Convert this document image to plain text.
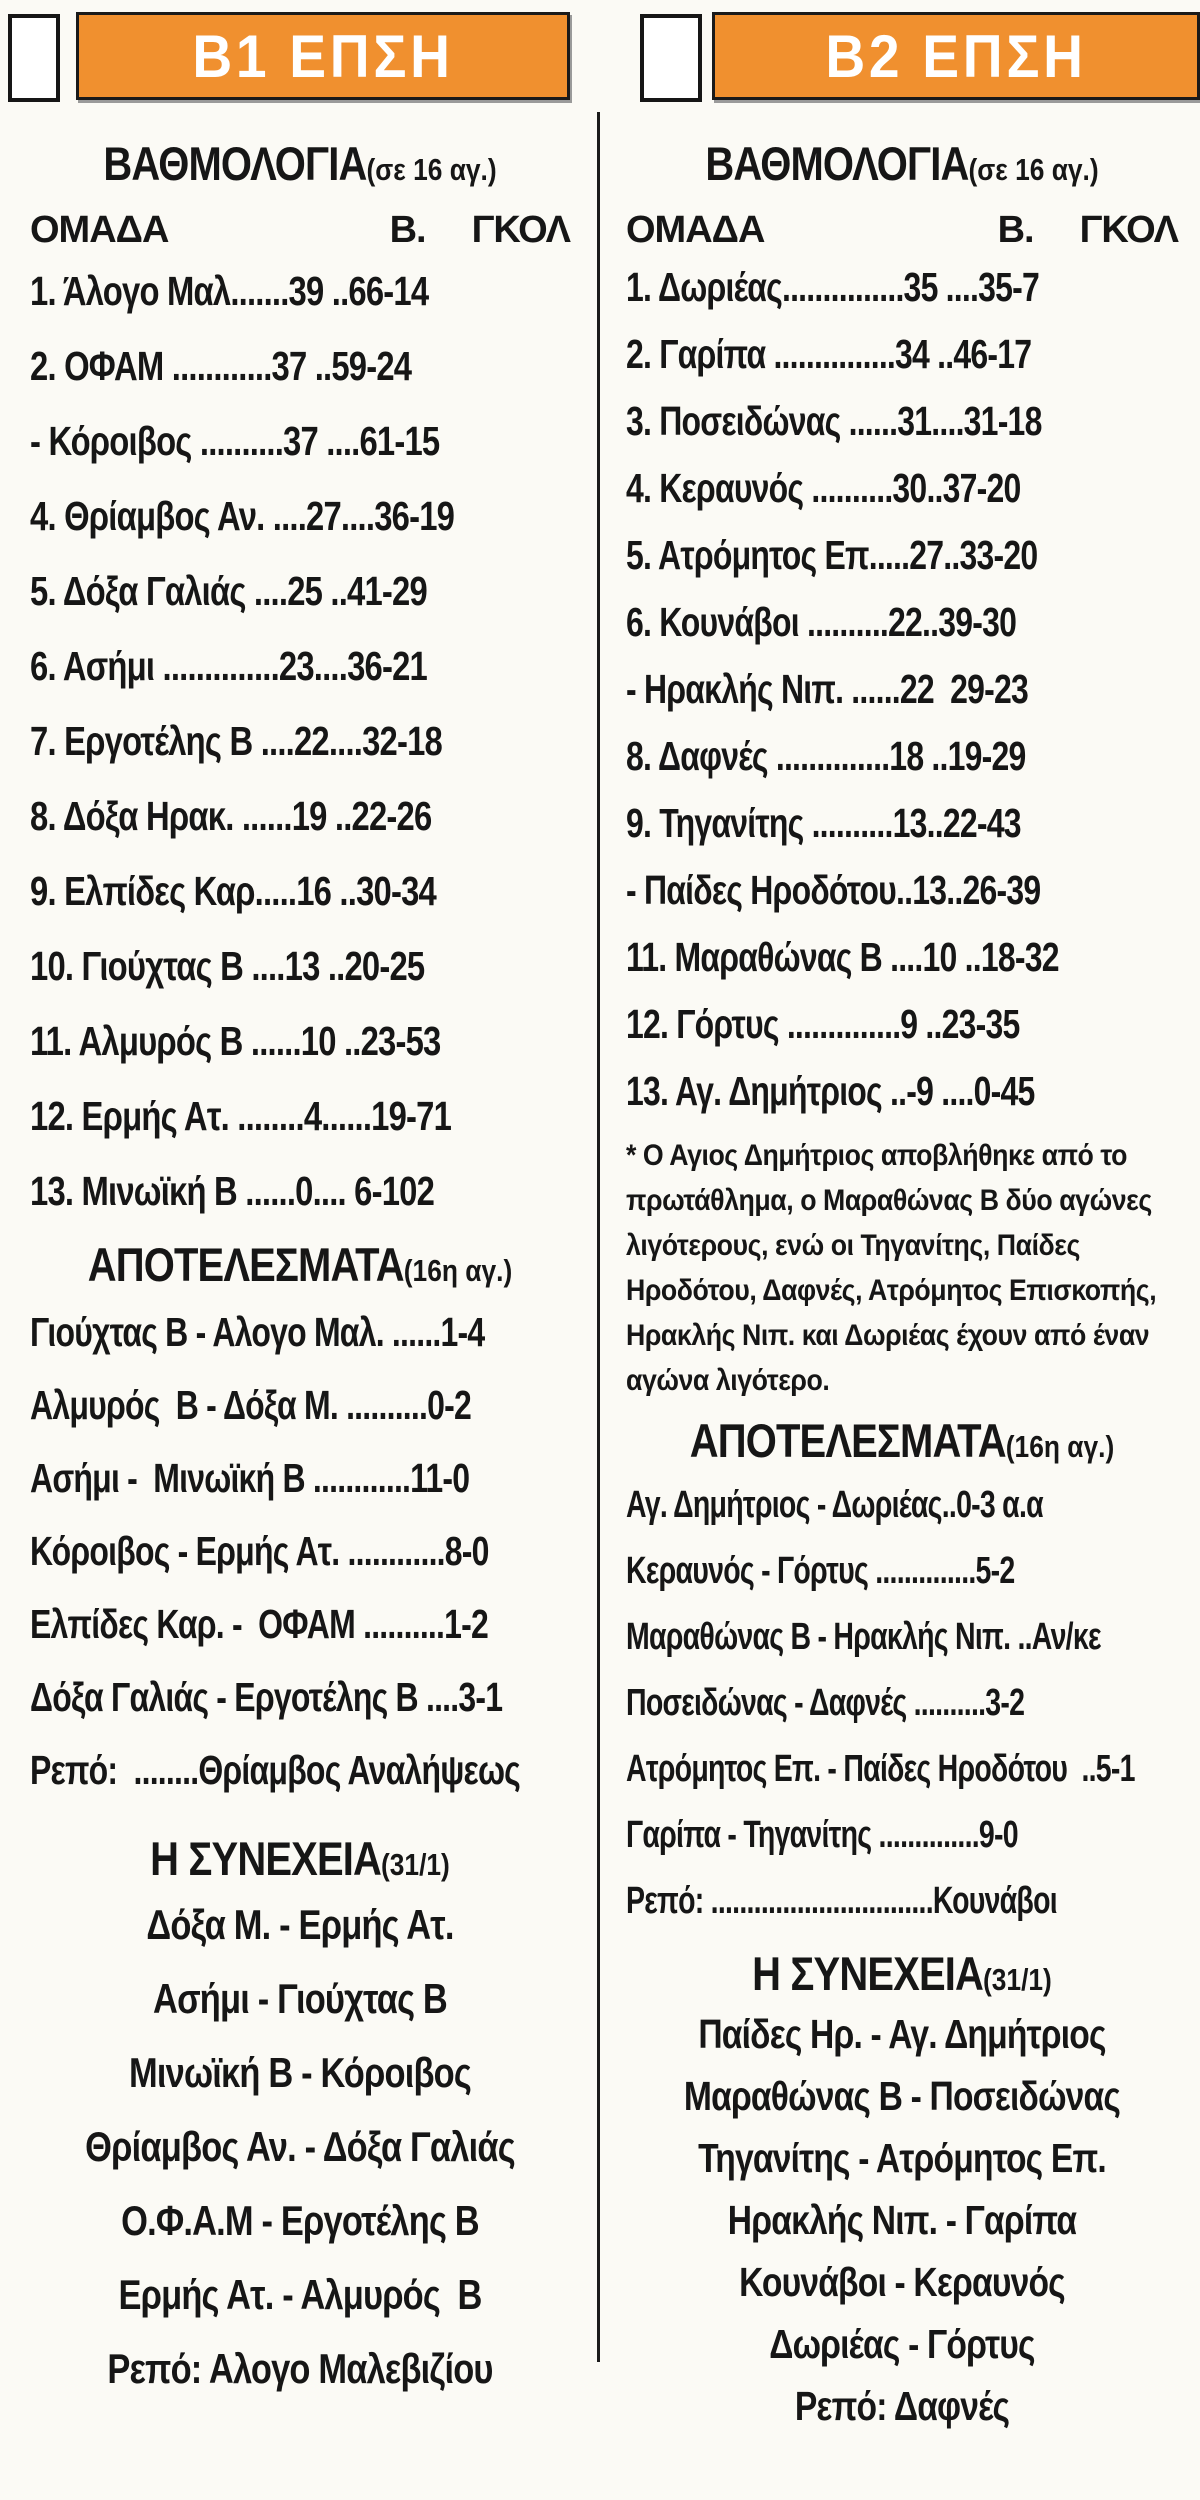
Β1 ΕΠΣΗ	Β2 ΕΠΣΗ
ΒΑΘΜΟΛΟΓΙΑ(σε 16 αγ.)
ΟΜΑΔΑ	Β. ΓΚΟΛ
1. Άλογο Μαλ.......39 ..66-14
2. ΟΦΑΜ ............37 ..59-24
- Κόροιβος ..........37 ....61-15
4. Θρίαμβος Αν. ....27....36-19
5. Δόξα Γαλιάς ....25 ..41-29
6. Ασήμι ..............23....36-21
7. Εργοτέλης Β ....22....32-18
8. Δόξα Ηρακ. ......19 ..22-26
9. Ελπίδες Καρ.....16 ..30-34
10. Γιούχτας Β ....13 ..20-25
11. Αλμυρός Β ......10 ..23-53
12. Ερμής Ατ. ........4......19-71
13. Μινωϊκή Β ......0.... 6-102
ΑΠΟΤΕΛΕΣΜΑΤΑ(16η αγ.)
Γιούχτας Β - Αλογο Μαλ. ......1-4
Αλμυρός  Β - Δόξα Μ. ..........0-2
Ασήμι -  Μινωϊκή Β ............11-0
Κόροιβος - Ερμής Ατ. ............8-0
Ελπίδες Καρ. -  ΟΦΑΜ ..........1-2
Δόξα Γαλιάς - Εργοτέλης Β ....3-1
Ρεπό:  ........Θρίαμβος Αναλήψεως
Η ΣΥΝΕΧΕΙΑ(31/1)
Δόξα Μ. - Ερμής Ατ.
Ασήμι - Γιούχτας Β
Μινωϊκή Β - Κόροιβος
Θρίαμβος Αν. - Δόξα Γαλιάς
Ο.Φ.Α.Μ - Εργοτέλης Β
Ερμής Ατ. - Αλμυρός  Β
Ρεπό: Αλογο Μαλεβιζίου
ΒΑΘΜΟΛΟΓΙΑ(σε 16 αγ.)
ΟΜΑΔΑ	Β. ΓΚΟΛ
1. Δωριέας...............35 ....35-7
2. Γαρίπα ...............34 ..46-17
3. Ποσειδώνας ......31....31-18
4. Κεραυνός ..........30..37-20
5. Ατρόμητος Επ.....27..33-20
6. Κουνάβοι ..........22..39-30
- Ηρακλής Νιπ. ......22 29-23
8. Δαφνές ..............18 ..19-29
9. Τηγανίτης ..........13..22-43
- Παίδες Ηροδότου..13..26-39
11. Μαραθώνας Β ....10 ..18-32
12. Γόρτυς ..............9 ..23-35
13. Αγ. Δημήτριος ..-9 ....0-45
* Ο Αγιος Δημήτριος αποβλήθηκε από το πρωτάθλημα, ο Μαραθώνας Β δύο αγώνες λιγότερους, ενώ οι Τηγανίτης, Παίδες Ηροδότου, Δαφνές, Ατρόμητος Επισκοπής, Ηρακλής Νιπ. και Δωριέας έχουν από έναν αγώνα λιγότερο.
ΑΠΟΤΕΛΕΣΜΑΤΑ(16η αγ.)
Αγ. Δημήτριος - Δωριέας..0-3 α.α
Κεραυνός - Γόρτυς ..............5-2
Μαραθώνας Β - Ηρακλής Νιπ. ..Αν/κε
Ποσειδώνας - Δαφνές ..........3-2
Ατρόμητος Επ. - Παίδες Ηροδότου  ..5-1
Γαρίπα - Τηγανίτης ..............9-0
Ρεπό: ...............................Κουνάβοι
Η ΣΥΝΕΧΕΙΑ(31/1)
Παίδες Ηρ. - Αγ. Δημήτριος
Μαραθώνας Β - Ποσειδώνας
Τηγανίτης - Ατρόμητος Επ.
Ηρακλής Νιπ. - Γαρίπα
Κουνάβοι - Κεραυνός
Δωριέας - Γόρτυς
Ρεπό: Δαφνές
